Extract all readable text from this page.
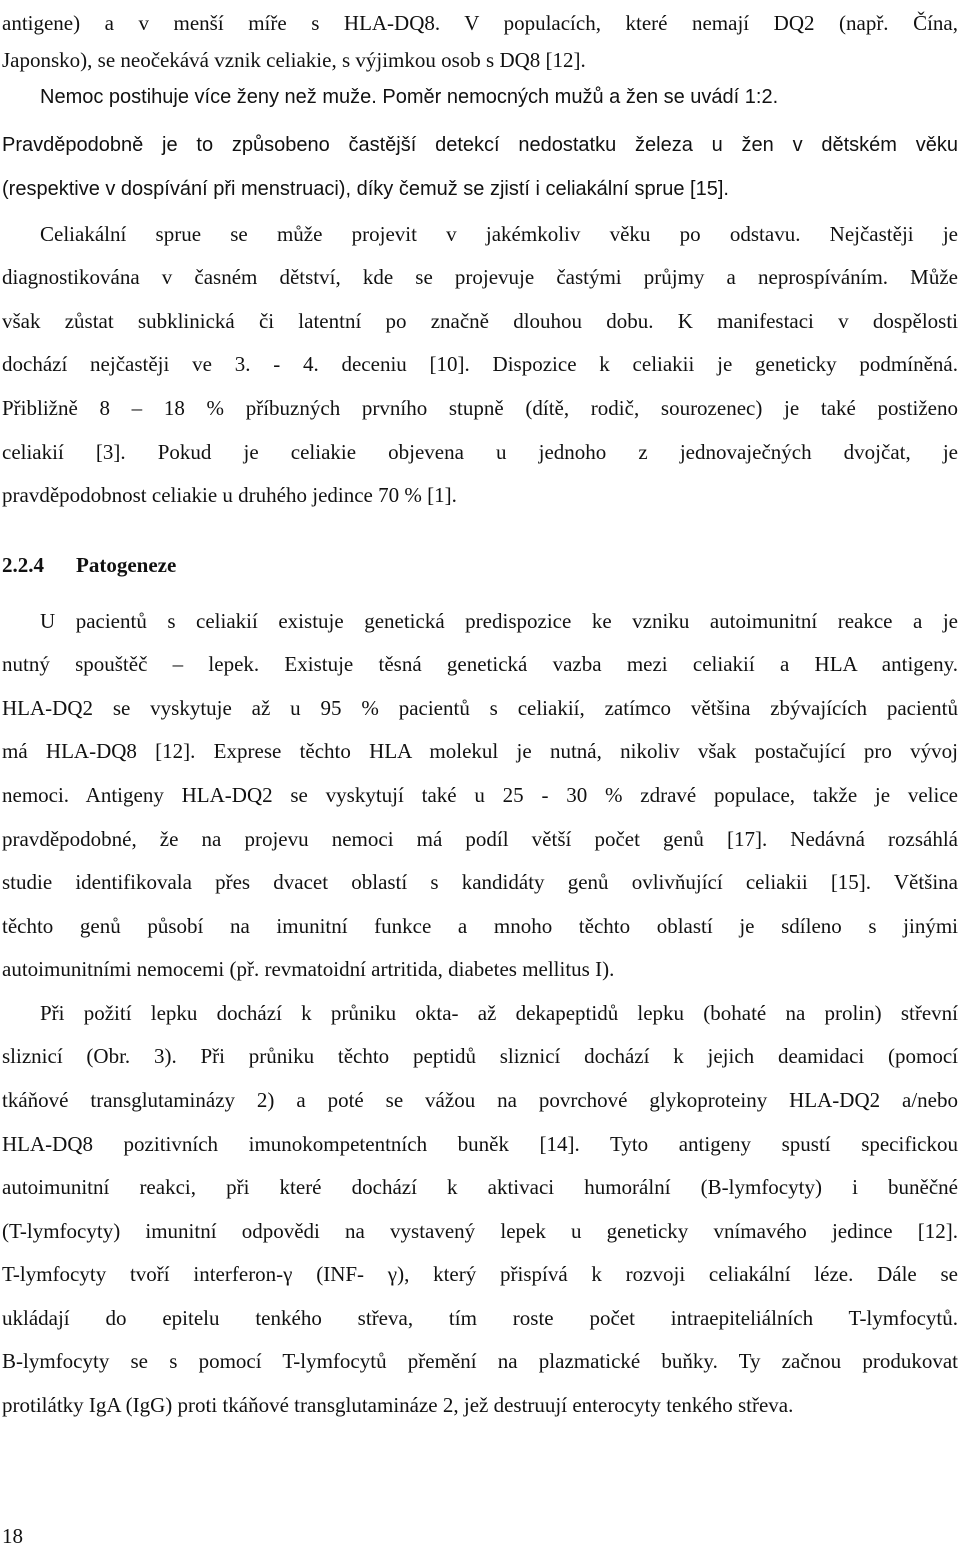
antigene) a v menší míře s HLA-DQ8. V populacích, které nemají DQ2 (např. Čína,
Japonsko), se neočekává vznik celiakie, s výjimkou osob s DQ8 [12].
Nemoc postihuje více ženy než muže. Poměr nemocných mužů a žen se uvádí 1:2.
Pravděpodobně je to způsobeno častější detekcí nedostatku železa u žen v dětském věku
(respektive v dospívání při menstruaci), díky čemuž se zjistí i celiakální sprue [15].
Celiakální sprue se může projevit v jakémkoliv věku po odstavu. Nejčastěji je
diagnostikována v časném dětství, kde se projevuje častými průjmy a neprospíváním. Může
však zůstat subklinická či latentní po značně dlouhou dobu. K manifestaci v dospělosti
dochází nejčastěji ve 3. - 4. deceniu [10]. Dispozice k celiakii je geneticky podmíněná.
Přibližně 8 – 18 % příbuzných prvního stupně (dítě, rodič, sourozenec) je také postiženo
celiakií [3]. Pokud je celiakie objevena u jednoho z jednovaječných dvojčat, je
pravděpodobnost celiakie u druhého jedince 70 % [1].
2.2.4 Patogeneze
U pacientů s celiakií existuje genetická predispozice ke vzniku autoimunitní reakce a je
nutný spouštěč – lepek. Existuje těsná genetická vazba mezi celiakií a HLA antigeny.
HLA-DQ2 se vyskytuje až u 95 % pacientů s celiakií, zatímco většina zbývajících pacientů
má HLA-DQ8 [12]. Exprese těchto HLA molekul je nutná, nikoliv však postačující pro vývoj
nemoci. Antigeny HLA-DQ2 se vyskytují také u 25 - 30 % zdravé populace, takže je velice
pravděpodobné, že na projevu nemoci má podíl větší počet genů [17]. Nedávná rozsáhlá
studie identifikovala přes dvacet oblastí s kandidáty genů ovlivňující celiakii [15]. Většina
těchto genů působí na imunitní funkce a mnoho těchto oblastí je sdíleno s jinými
autoimunitními nemocemi (př. revmatoidní artritida, diabetes mellitus I).
Při požití lepku dochází k průniku okta- až dekapeptidů lepku (bohaté na prolin) střevní
sliznicí (Obr. 3). Při průniku těchto peptidů sliznicí dochází k jejich deamidaci (pomocí
tkáňové transglutaminázy 2) a poté se vážou na povrchové glykoproteiny HLA-DQ2 a/nebo
HLA-DQ8 pozitivních imunokompetentních buněk [14]. Tyto antigeny spustí specifickou
autoimunitní reakci, při které dochází k aktivaci humorální (B-lymfocyty) i buněčné
(T-lymfocyty) imunitní odpovědi na vystavený lepek u geneticky vnímavého jedince [12].
T-lymfocyty tvoří interferon-γ (INF- γ), který přispívá k rozvoji celiakální léze. Dále se
ukládají do epitelu tenkého střeva, tím roste počet intraepiteliálních T-lymfocytů.
B-lymfocyty se s pomocí T-lymfocytů přemění na plazmatické buňky. Ty začnou produkovat
protilátky IgA (IgG) proti tkáňové transglutamináze 2, jež destruují enterocyty tenkého střeva.
18
